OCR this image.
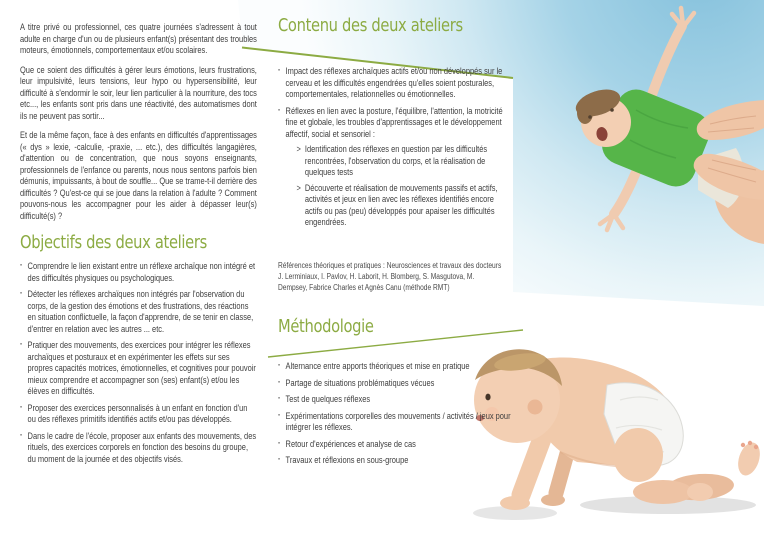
A titre privé ou professionnel, ces quatre journées s'adressent à tout adulte en charge d'un ou de plusieurs enfant(s) présentant des troubles moteurs, émotionnels, comportementaux et/ou scolaires.

Que ce soient des difficultés à gérer leurs émotions, leurs frustrations, leur impulsivité, leurs tensions, leur hypo ou hypersensibilité, leur difficulté à s'endormir le soir, leur lien particulier à la nourriture, des tocs etc..., les enfants sont pris dans une réactivité, des automatismes dont ils ne peuvent pas sortir...

Et de la même façon, face à des enfants en difficultés d'apprentissages (« dys » lexie, -calculie, -praxie, ... etc.), des difficultés langagières, d'attention ou de concentration, que nous soyons enseignants, professionnels de l'enfance ou parents, nous nous sentons parfois bien démunis, impuissants, à bout de souffle... Que se trame-t-il derrière des difficultés ? Qu'est-ce qui se joue dans la relation à l'adulte ? Comment pouvons-nous les accompagner pour les aider à dépasser leur(s) difficulté(s) ?

Objectifs des deux ateliers
· Comprendre le lien existant entre un réflexe archaïque non intégré et des difficultés physiques ou psychologiques.
· Détecter les réflexes archaïques non intégrés par l'observation du corps, de la gestion des émotions et des frustrations, des réactions en situation conflictuelle, la façon d'apprendre, de se tenir en classe, d'entrer en relation avec les autres ... etc.
· Pratiquer des mouvements, des exercices pour intégrer les réflexes archaïques et posturaux et en expérimenter les effets sur ses propres capacités motrices, émotionnelles, et cognitives pour pouvoir mieux comprendre et accompagner son (ses) enfant(s) et/ou les élèves en difficultés.
· Proposer des exercices personnalisés à un enfant en fonction d'un ou des réflexes primitifs identifiés actifs et/ou pas développés.
· Dans le cadre de l'école, proposer aux enfants des mouvements, des rituels, des exercices corporels en fonction des besoins du groupe, du moment de la journée et des objectifs visés.
Contenu des deux ateliers
· Impact des réflexes archaïques actifs et/ou non développés sur le cerveau et les difficultés engendrées qu'elles soient posturales, comportementales, relationnelles ou émotionnelles.
· Réflexes en lien avec la posture, l'équilibre, l'attention, la motricité fine et globale, les troubles d'apprentissages et le développement affectif, social et sensoriel :
> Identification des réflexes en question par les difficultés rencontrées, l'observation du corps, et la réalisation de quelques tests
> Découverte et réalisation de mouvements passifs et actifs, activités et jeux en lien avec les réflexes identifiés encore actifs ou pas (peu) développés pour apaiser les difficultés engendrées.
Références théoriques et pratiques : Neurosciences et travaux des docteurs J. Lerminiaux, I. Pavlov, H. Laborit, H. Blomberg, S. Masgutova, M. Dempsey, Fabrice Charles et Agnès Canu (méthode RMT)
Méthodologie
· Alternance entre apports théoriques et mise en pratique
· Partage de situations problématiques vécues
· Test de quelques réflexes
· Expérimentations corporelles des mouvements / activités / jeux pour intégrer les réflexes.
· Retour d'expériences et analyse de cas
· Travaux et réflexions en sous-groupe
